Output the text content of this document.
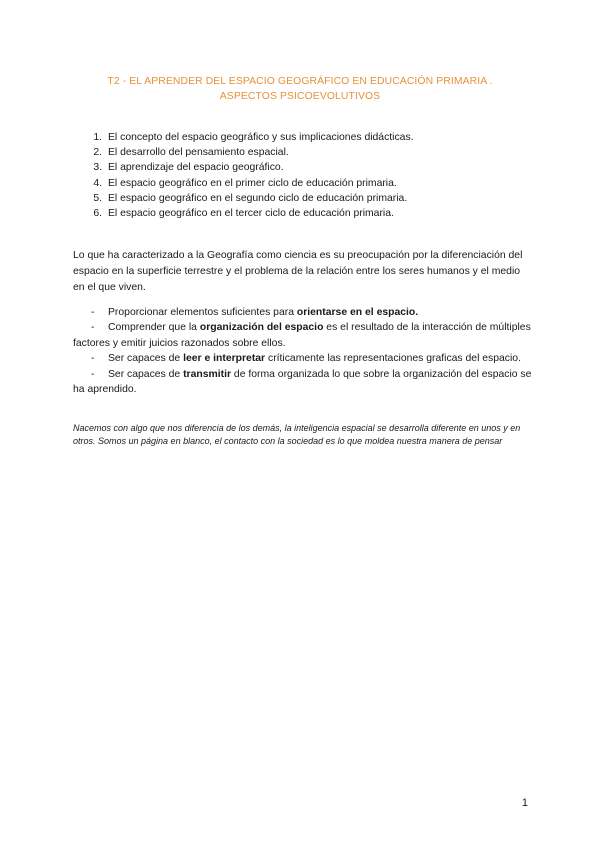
T2 - EL APRENDER DEL ESPACIO GEOGRÁFICO EN EDUCACIÓN PRIMARIA .
ASPECTOS PSICOEVOLUTIVOS
1. El concepto del espacio geográfico y sus implicaciones didácticas.
2. El desarrollo del pensamiento espacial.
3. El aprendizaje del espacio geográfico.
4. El espacio geográfico en el primer ciclo de educación primaria.
5. El espacio geográfico en el segundo ciclo de educación primaria.
6. El espacio geográfico en el tercer ciclo de educación primaria.

Lo que ha caracterizado a la Geografía como ciencia es su preocupación por la diferenciación del espacio en la superficie terrestre y el problema de la relación entre los seres humanos y el medio en el que viven.

- Proporcionar elementos suficientes para orientarse en el espacio.
- Comprender que la organización del espacio es el resultado de la interacción de múltiples factores y emitir juicios razonados sobre ellos.
- Ser capaces de leer e interpretar críticamente las representaciones graficas del espacio.
- Ser capaces de transmitir de forma organizada lo que sobre la organización del espacio se ha aprendido.

Nacemos con algo que nos diferencia de los demás, la inteligencia espacial se desarrolla diferente en unos y en otros. Somos un página en blanco, el contacto con la sociedad es lo que moldea nuestra manera de pensar

1
